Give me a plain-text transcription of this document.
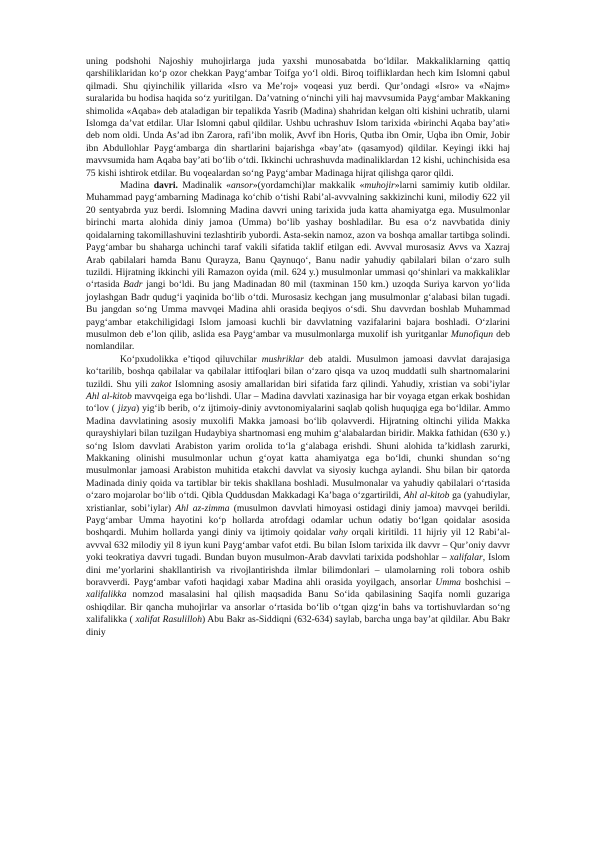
uning podshohi Najoshiy muhojirlarga juda yaxshi munosabatda bo‘ldilar. Makkaliklarning qattiq qarshiliklaridan ko‘p ozor chekkan Payg‘ambar Toifga yo‘l oldi. Biroq toifliklardan hech kim Islomni qabul qilmadi. Shu qiyinchilik yillarida «Isro va Me’roj» voqeasi yuz berdi. Qur’ondagi «Isro» va «Najm» suralarida bu hodisa haqida so‘z yuritilgan. Da’vatning o‘ninchi yili haj mavvsumida Payg‘ambar Makkaning shimolida «Aqaba» deb ataladigan bir tepalikda Yasrib (Madina) shahridan kelgan olti kishini uchratib, ularni Islomga da’vat etdilar. Ular Islomni qabul qildilar. Ushbu uchrashuv Islom tarixida «birinchi Aqaba bay’ati» deb nom oldi. Unda As’ad ibn Zarora, rafi’ibn molik, Avvf ibn Horis, Qutba ibn Omir, Uqba ibn Omir, Jobir ibn Abdullohlar Payg‘ambarga din shartlarini bajarishga «bay’at» (qasamyod) qildilar. Keyingi ikki haj mavvsumida ham Aqaba bay’ati bo‘lib o‘tdi. Ikkinchi uchrashuvda madinaliklardan 12 kishi, uchinchisida esa 75 kishi ishtirok etdilar. Bu voqealardan so‘ng Payg‘ambar Madinaga hijrat qilishga qaror qildi.

Madina davri. Madinalik «ansor»(yordamchi)lar makkalik «muhojir»larni samimiy kutib oldilar. Muhammad payg‘ambarning Madinaga ko‘chib o‘tishi Rabi’al-avvvalning sakkizinchi kuni, milodiy 622 yil 20 sentyabrda yuz berdi. Islomning Madina davvri uning tarixida juda katta ahamiyatga ega. Musulmonlar birinchi marta alohida diniy jamoa (Umma) bo‘lib yashay boshladilar. Bu esa o‘z navvbatida diniy qoidalarning takomillashuvini tezlashtirib yubordi. Asta-sekin namoz, azon va boshqa amallar tartibga solindi. Payg‘ambar bu shaharga uchinchi taraf vakili sifatida taklif etilgan edi. Avvval murosasiz Avvs va Xazraj Arab qabilalari hamda Banu Qurayza, Banu Qaynuqo‘, Banu nadir yahudiy qabilalari bilan o‘zaro sulh tuzildi. Hijratning ikkinchi yili Ramazon oyida (mil. 624 y.) musulmonlar ummasi qo‘shinlari va makkaliklar o‘rtasida Badr jangi bo‘ldi. Bu jang Madinadan 80 mil (taxminan 150 km.) uzoqda Suriya karvon yo‘lida joylashgan Badr qudug‘i yaqinida bo‘lib o‘tdi. Murosasiz kechgan jang musulmonlar g‘alabasi bilan tugadi. Bu jangdan so‘ng Umma mavvqei Madina ahli orasida beqiyos o‘sdi. Shu davvrdan boshlab Muhammad payg‘ambar etakchiligidagi Islom jamoasi kuchli bir davvlatning vazifalarini bajara boshladi. O‘zlarini musulmon deb e’lon qilib, aslida esa Payg‘ambar va musulmonlarga muxolif ish yuritganlar Munofiqun deb nomlandilar.

Ko‘pxudolikka e’tiqod qiluvchilar mushriklar deb ataldi. Musulmon jamoasi davvlat darajasiga ko‘tarilib, boshqa qabilalar va qabilalar ittifoqlari bilan o‘zaro qisqa va uzoq muddatli sulh shartnomalarini tuzildi. Shu yili zakot Islomning asosiy amallaridan biri sifatida farz qilindi. Yahudiy, xristian va sobi’iylar Ahl al-kitob mavvqeiga ega bo‘lishdi. Ular – Madina davvlati xazinasiga har bir voyaga etgan erkak boshidan to‘lov ( jizya) yig‘ib berib, o‘z ijtimoiy-diniy avvtonomiyalarini saqlab qolish huquqiga ega bo‘ldilar. Ammo Madina davvlatining asosiy muxolifi Makka jamoasi bo‘lib qolavverdi. Hijratning oltinchi yilida Makka qurayshiylari bilan tuzilgan Hudaybiya shartnomasi eng muhim g‘alabalardan biridir. Makka fathidan (630 y.) so‘ng Islom davvlati Arabiston yarim orolida to‘la g‘alabaga erishdi. Shuni alohida ta’kidlash zarurki, Makkaning olinishi musulmonlar uchun g‘oyat katta ahamiyatga ega bo‘ldi, chunki shundan so‘ng musulmonlar jamoasi Arabiston muhitida etakchi davvlat va siyosiy kuchga aylandi. Shu bilan bir qatorda Madinada diniy qoida va tartiblar bir tekis shakllana boshladi. Musulmonalar va yahudiy qabilalari o‘rtasida o‘zaro mojarolar bo‘lib o‘tdi. Qibla Quddusdan Makkadagi Ka’baga o‘zgartirildi, Ahl al-kitob ga (yahudiylar, xristianlar, sobi’iylar) Ahl az-zimma (musulmon davvlati himoyasi ostidagi diniy jamoa) mavvqei berildi. Payg‘ambar Umma hayotini ko‘p hollarda atrofdagi odamlar uchun odatiy bo‘lgan qoidalar asosida boshqardi. Muhim hollarda yangi diniy va ijtimoiy qoidalar vahy orqali kiritildi. 11 hijriy yil 12 Rabi’al-avvval 632 milodiy yil 8 iyun kuni Payg‘ambar vafot etdi. Bu bilan Islom tarixida ilk davvr – Qur’oniy davvr yoki teokratiya davvri tugadi. Bundan buyon musulmon-Arab davvlati tarixida podshohlar – xalifalar, Islom dini me’yorlarini shakllantirish va rivojlantirishda ilmlar bilimdonlari – ulamolarning roli tobora oshib boravverdi. Payg‘ambar vafoti haqidagi xabar Madina ahli orasida yoyilgach, ansorlar Umma boshchisi – xalifalikka nomzod masalasini hal qilish maqsadida Banu So‘ida qabilasining Saqifa nomli guzariga oshiqdilar. Bir qancha muhojirlar va ansorlar o‘rtasida bo‘lib o‘tgan qizg‘in bahs va tortishuvlardan so‘ng xalifalikka ( xalifat Rasulilloh) Abu Bakr as-Siddiqni (632-634) saylab, barcha unga bay’at qildilar. Abu Bakr diniy
